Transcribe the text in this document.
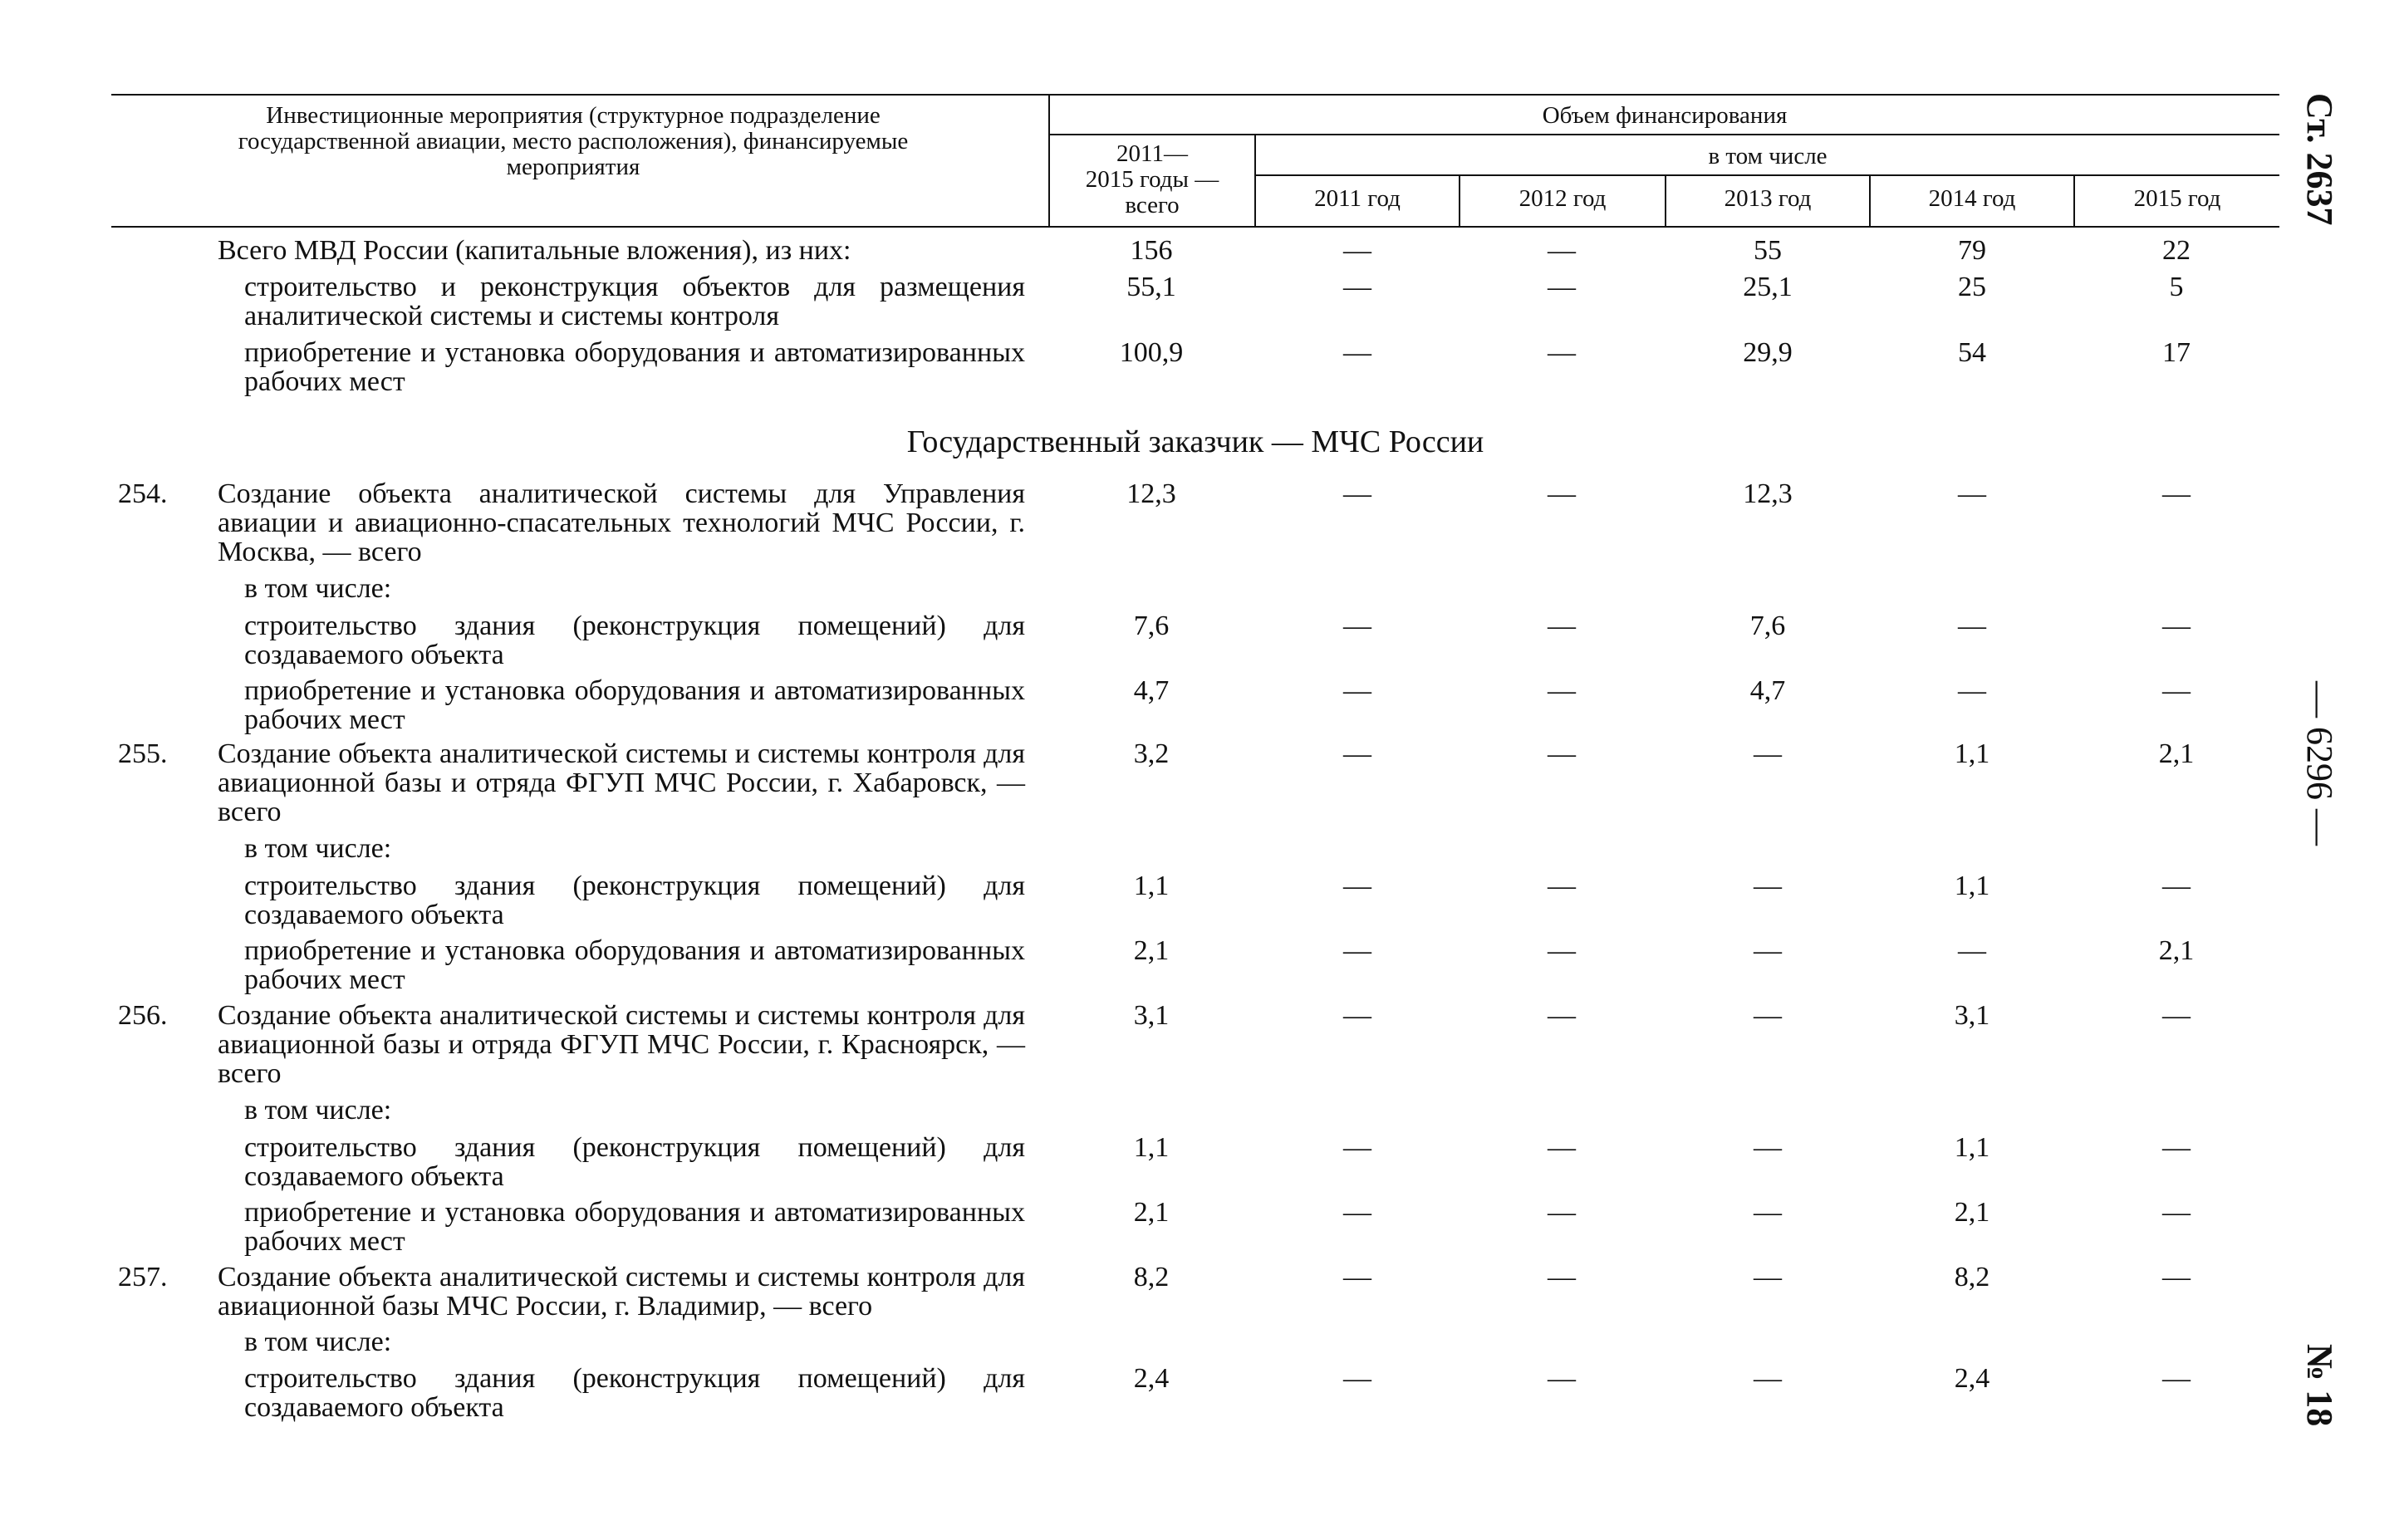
Инвестиционные мероприятия (структурное подразделение государственной авиации, место расположения), финансируемые мероприятия
Объем финансирования
2011—
2015 годы —
всего
в том числе
2011 год	2012 год	2013 год	2014 год	2015 год
Всего МВД России (капитальные вложения), из них:	156	—	—	55	79	22
строительство и реконструкция объектов для размещения аналитической системы и системы контроля
55,1	—	—	25,1	25	5
приобретение и установка оборудования и автоматизированных рабочих мест
100,9	—	—	29,9	54	17
Государственный заказчик — МЧС России
254. Создание объекта аналитической системы для Управления авиации и авиационно-спасательных технологий МЧС России, г. Москва, — всего
12,3	—	—	12,3	—	—
в том числе:
строительство здания (реконструкция помещений) для создаваемого объекта
7,6	—	—	7,6	—	—
приобретение и установка оборудования и автоматизированных рабочих мест
4,7	—	—	4,7	—	—
255. Создание объекта аналитической системы и системы контроля для авиационной базы и отряда ФГУП МЧС России, г. Хабаровск, — всего
3,2	—	—	—	1,1	2,1
в том числе:
строительство здания (реконструкция помещений) для создаваемого объекта
1,1	—	—	—	1,1	—
приобретение и установка оборудования и автоматизированных рабочих мест
2,1	—	—	—	—	2,1
256. Создание объекта аналитической системы и системы контроля для авиационной базы и отряда ФГУП МЧС России, г. Красноярск, — всего
3,1	—	—	—	3,1	—
в том числе:
строительство здания (реконструкция помещений) для создаваемого объекта
1,1	—	—	—	1,1	—
приобретение и установка оборудования и автоматизированных рабочих мест
2,1	—	—	—	2,1	—
257. Создание объекта аналитической системы и системы контроля для авиационной базы МЧС России, г. Владимир, — всего
8,2	—	—	—	8,2	—
в том числе:
строительство здания (реконструкция помещений) для создаваемого объекта
2,4	—	—	—	2,4	—
Ст. 2637
— 6296 —
№ 18
